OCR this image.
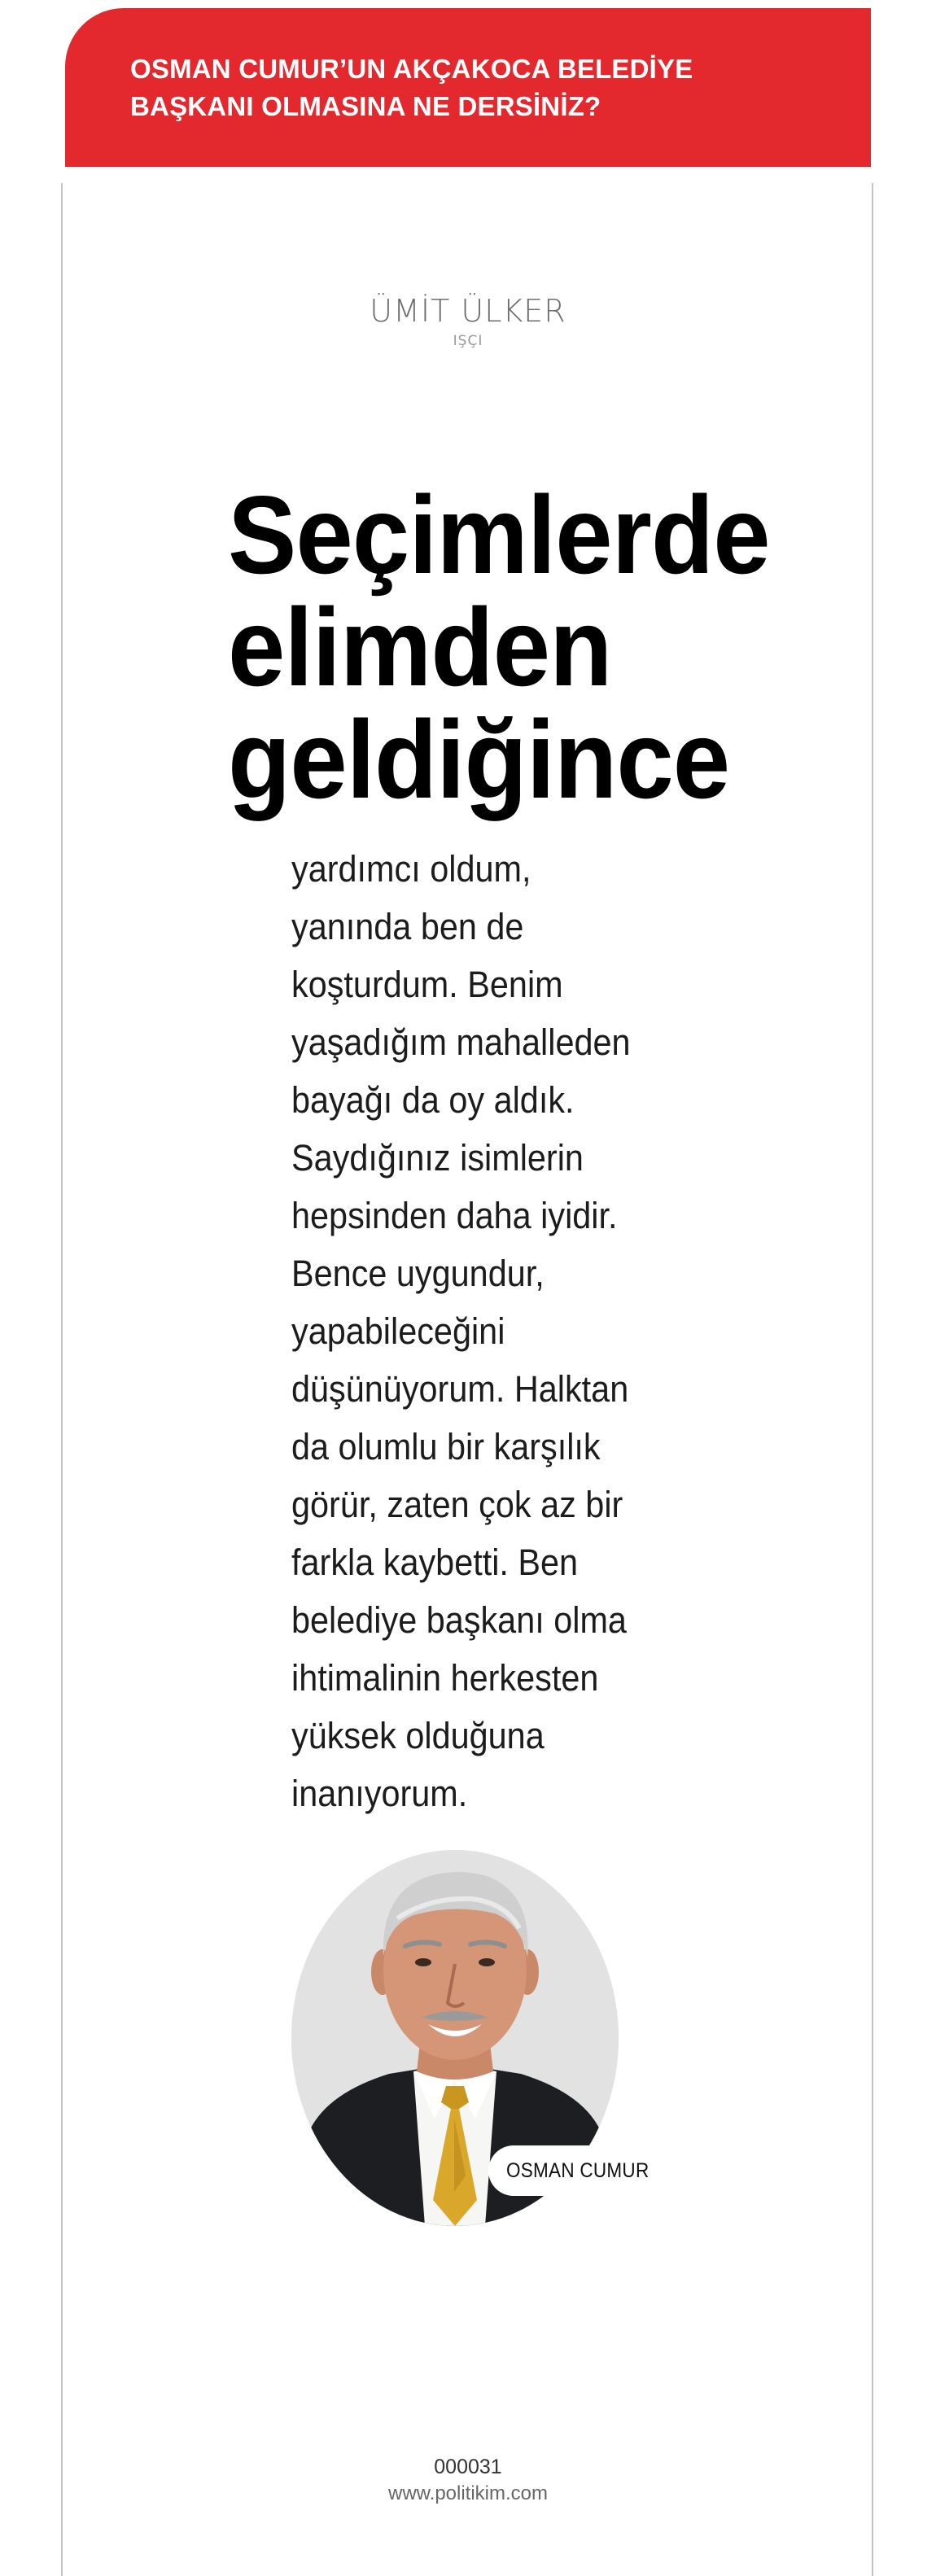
OSMAN CUMUR’UN AKÇAKOCA BELEDİYE
BAŞKANI OLMASINA NE DERSİNİZ?

ÜMİT ÜLKER
IŞÇI
Seçimlerde elimden geldiğince

yardımcı oldum,
yanında ben de
koşturdum. Benim
yaşadığım mahalleden
bayağı da oy aldık.
Saydığınız isimlerin
hepsinden daha iyidir.
Bence uygundur,
yapabileceğini
düşünüyorum. Halktan
da olumlu bir karşılık
görür, zaten çok az bir
farkla kaybetti. Ben
belediye başkanı olma
ihtimalinin herkesten
yüksek olduğuna
inanıyorum.

OSMAN CUMUR
000031
www.politikim.com
